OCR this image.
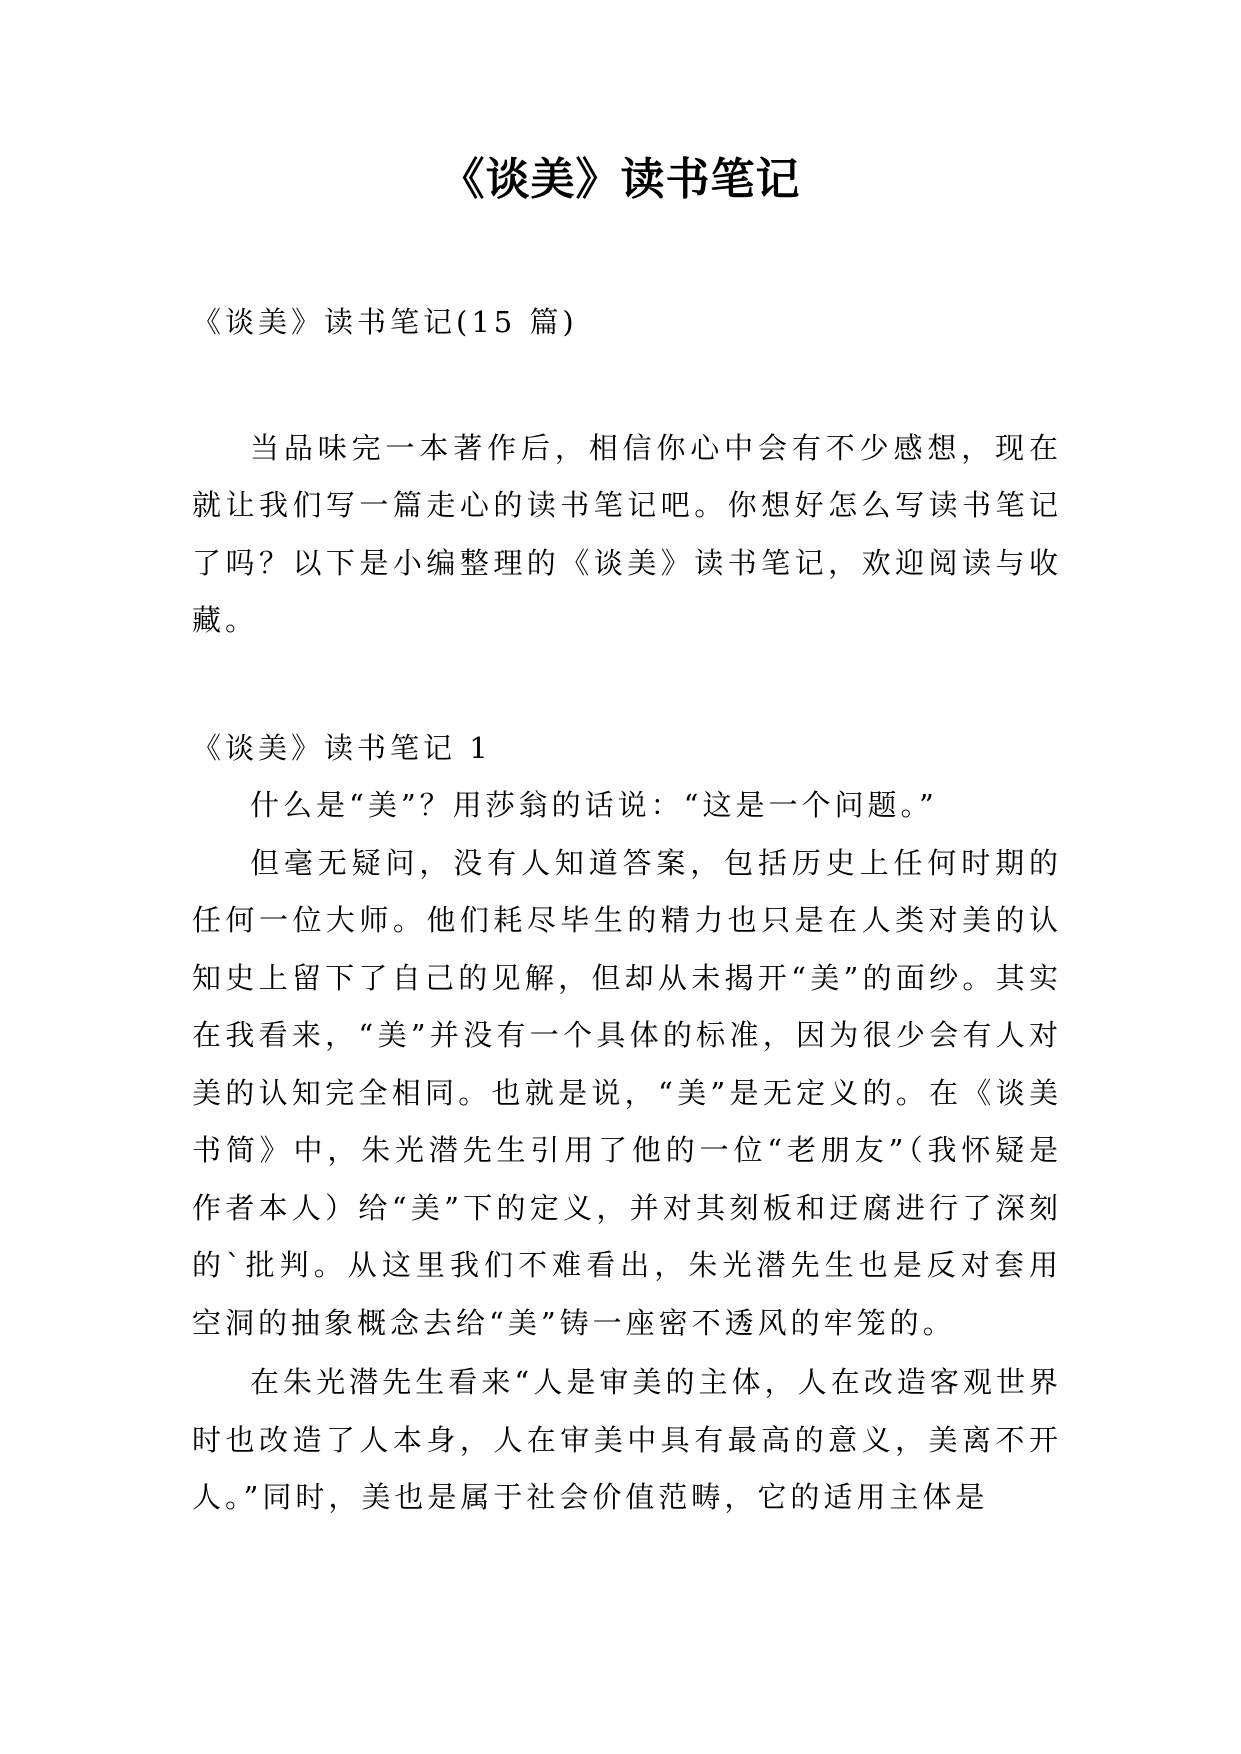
《谈美》读书笔记

《谈美》读书笔记(15 篇)

当品味完一本著作后，相信你心中会有不少感想，现在就让我们写一篇走心的读书笔记吧。你想好怎么写读书笔记了吗？以下是小编整理的《谈美》读书笔记，欢迎阅读与收藏。

《谈美》读书笔记 1

什么是“美”？用莎翁的话说：“这是一个问题。”

但毫无疑问，没有人知道答案，包括历史上任何时期的任何一位大师。他们耗尽毕生的精力也只是在人类对美的认知史上留下了自己的见解，但却从未揭开“美”的面纱。其实在我看来，“美”并没有一个具体的标准，因为很少会有人对美的认知完全相同。也就是说，“美”是无定义的。在《谈美书简》中，朱光潜先生引用了他的一位“老朋友”（我怀疑是作者本人）给“美”下的定义，并对其刻板和迂腐进行了深刻的`批判。从这里我们不难看出，朱光潜先生也是反对套用空洞的抽象概念去给“美”铸一座密不透风的牢笼的。

在朱光潜先生看来“人是审美的主体，人在改造客观世界时也改造了人本身，人在审美中具有最高的意义，美离不开人。”同时，美也是属于社会价值范畴，它的适用主体是
